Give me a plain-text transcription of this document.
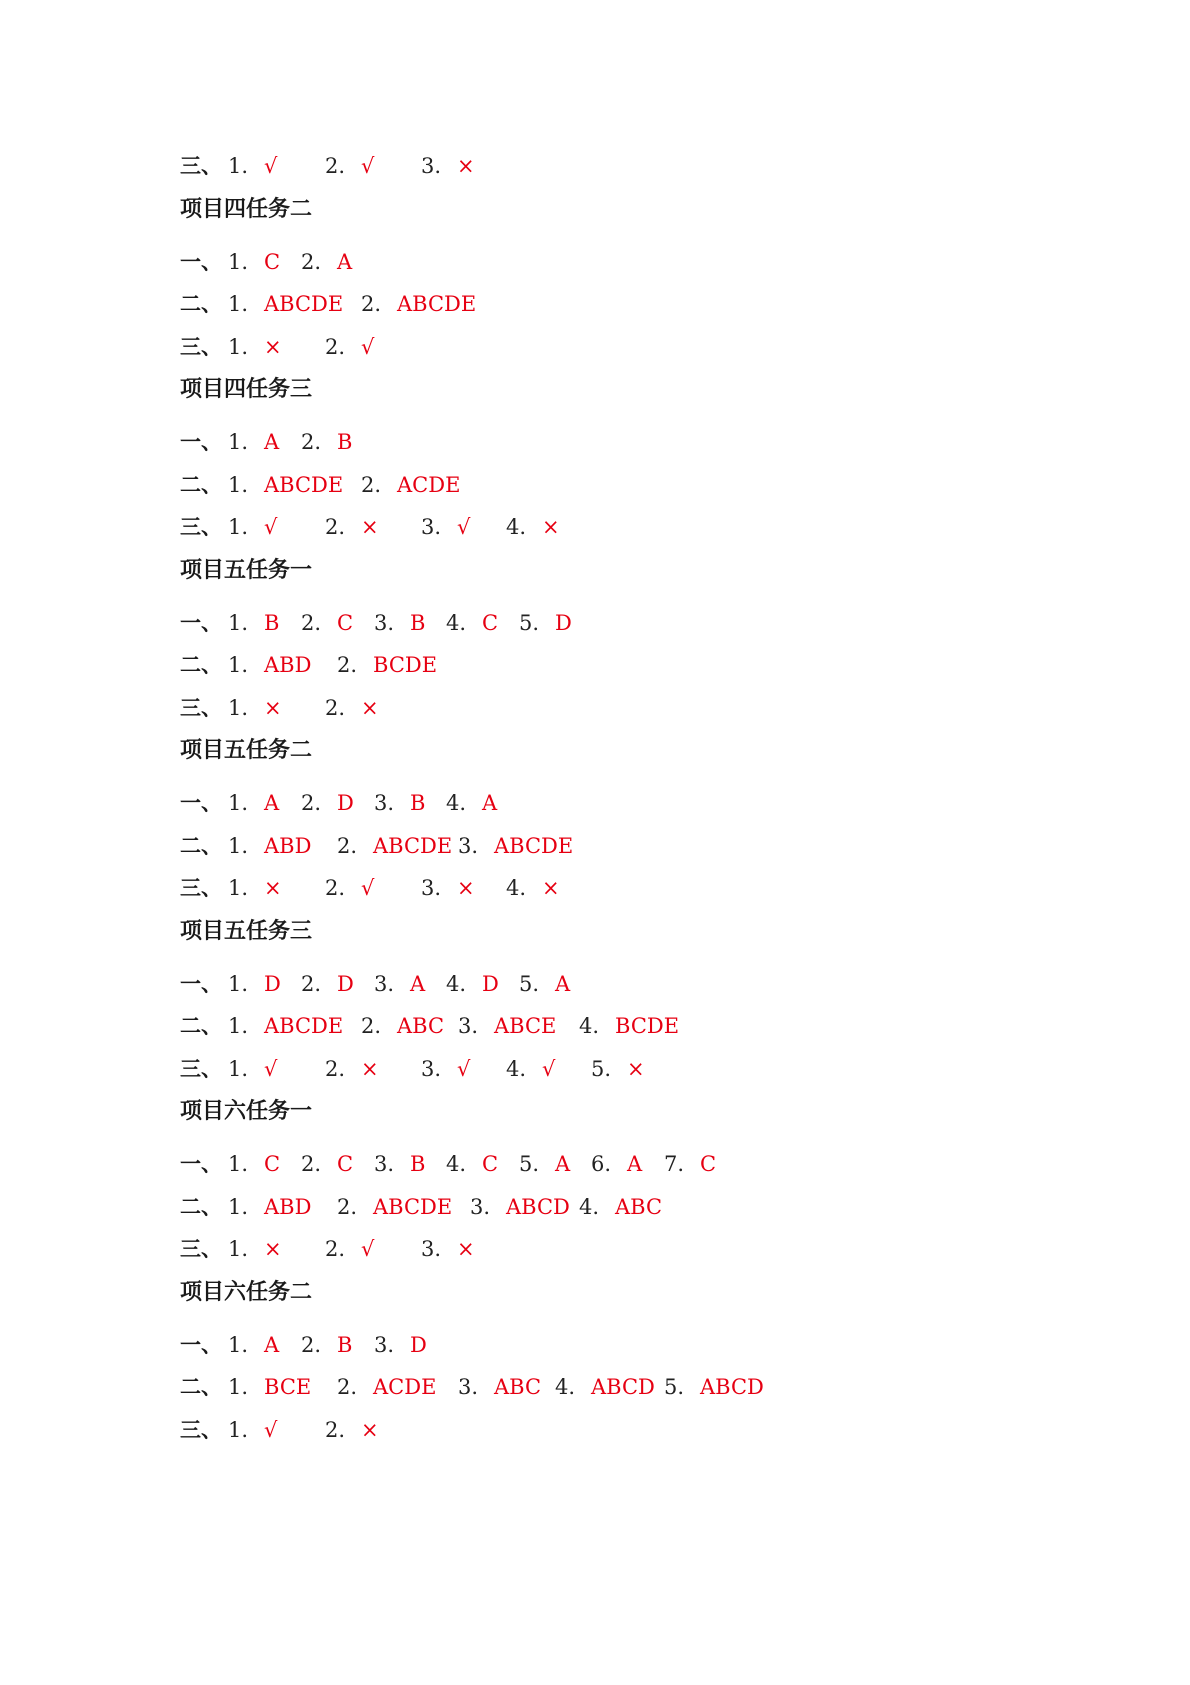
三、 1. √ 2. √ 3. ×
项目四任务二
一、 1. C 2. A
二、 1. ABCDE 2. ABCDE
三、 1. × 2. √
项目四任务三
一、 1. A 2. B
二、 1. ABCDE 2. ACDE
三、 1. √ 2. × 3. √ 4. ×
项目五任务一
一、 1. B 2. C 3. B 4. C 5. D
二、 1. ABD 2. BCDE
三、 1. × 2. ×
项目五任务二
一、 1. A 2. D 3. B 4. A
二、 1. ABD 2. ABCDE 3. ABCDE
三、 1. × 2. √ 3. × 4. ×
项目五任务三
一、 1. D 2. D 3. A 4. D 5. A
二、 1. ABCDE 2. ABC 3. ABCE 4. BCDE
三、 1. √ 2. × 3. √ 4. √ 5. ×
项目六任务一
一、 1. C 2. C 3. B 4. C 5. A 6. A 7. C
二、 1. ABD 2. ABCDE 3. ABCD 4. ABC
三、 1. × 2. √ 3. ×
项目六任务二
一、 1. A 2. B 3. D
二、 1. BCE 2. ACDE 3. ABC 4. ABCD 5. ABCD
三、 1. √ 2. ×
